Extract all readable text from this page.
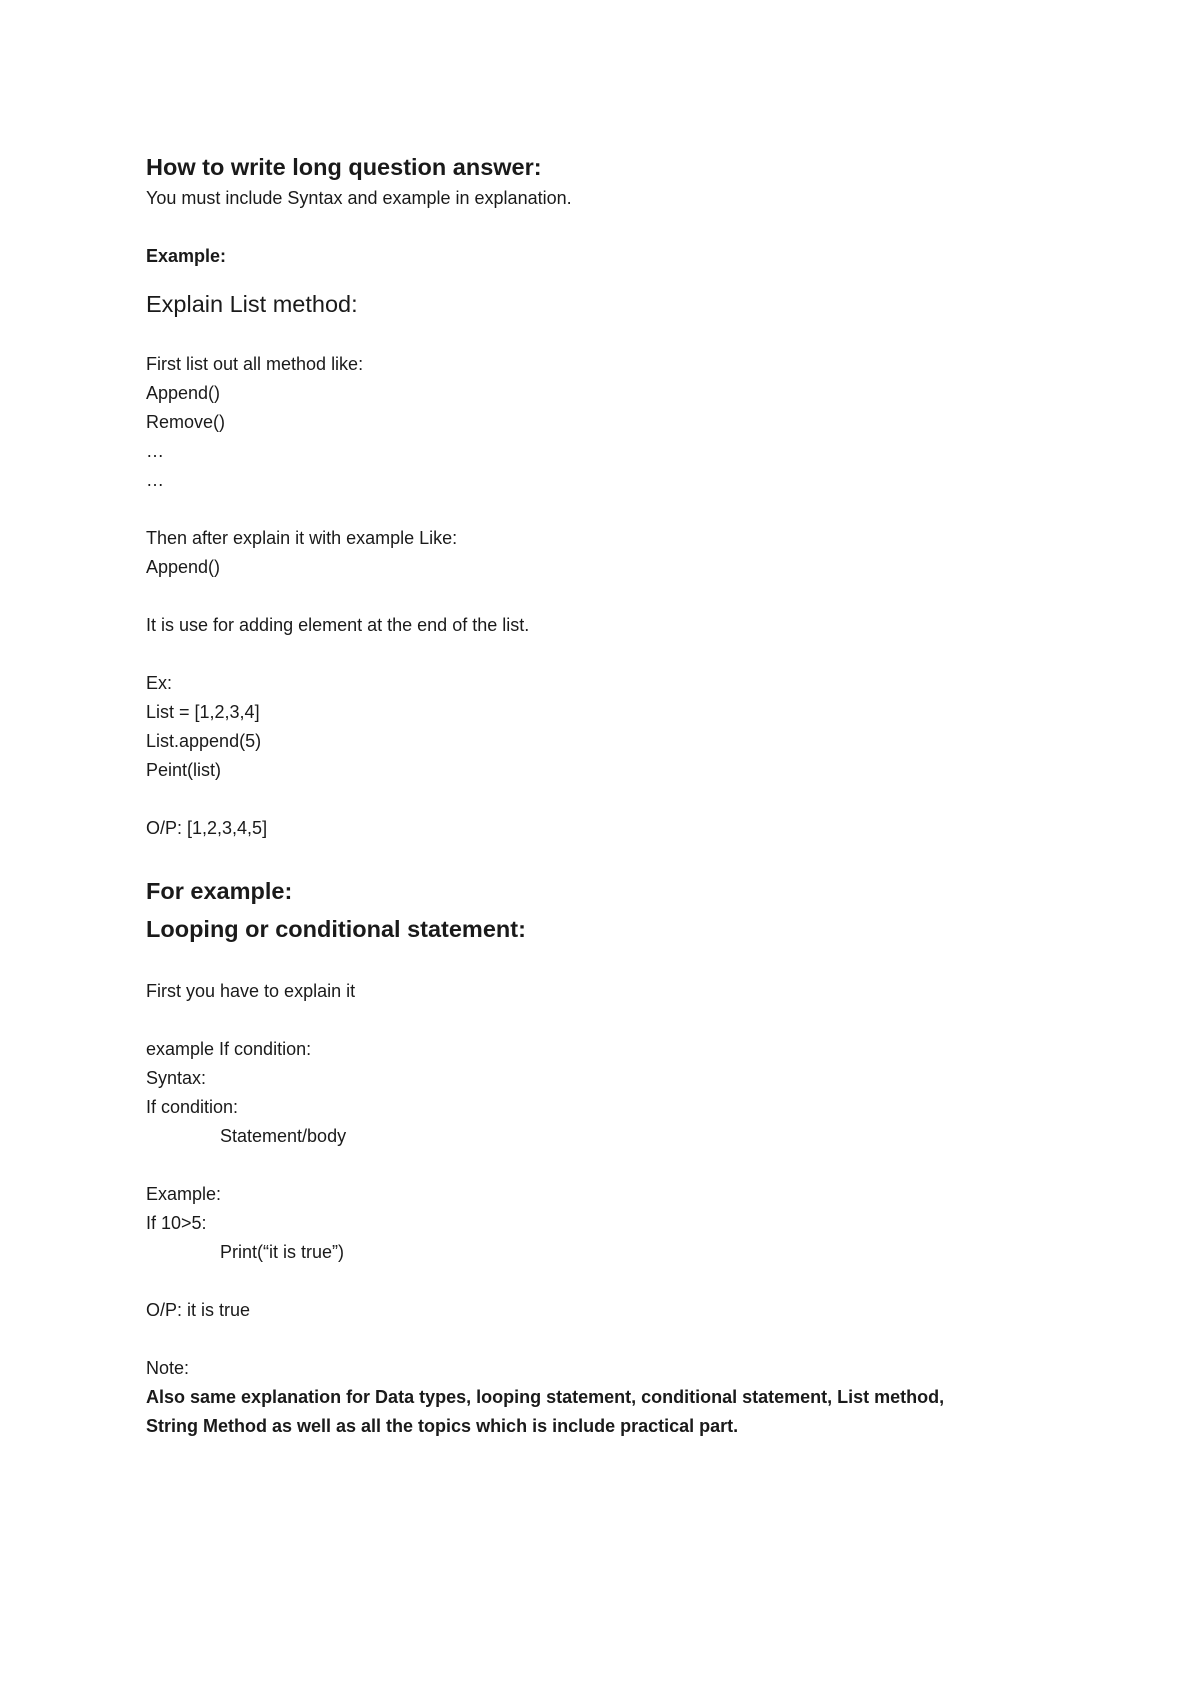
How to write long question answer:
You must include Syntax and example in explanation.
Example:
Explain List method:
First list out all method like:
Append()
Remove()
…
…
Then after explain it with example Like:
Append()
It is use for adding element at the end of the list.
Ex:
List = [1,2,3,4]
List.append(5)
Peint(list)
O/P: [1,2,3,4,5]
For example:
Looping or conditional statement:
First you have to explain it
example If condition:
Syntax:
If condition:
Statement/body
Example:
If 10>5:
Print(“it is true”)
O/P: it is true
Note:
Also same explanation for Data types, looping statement, conditional statement, List method,
String Method as well as all the topics which is include practical part.
